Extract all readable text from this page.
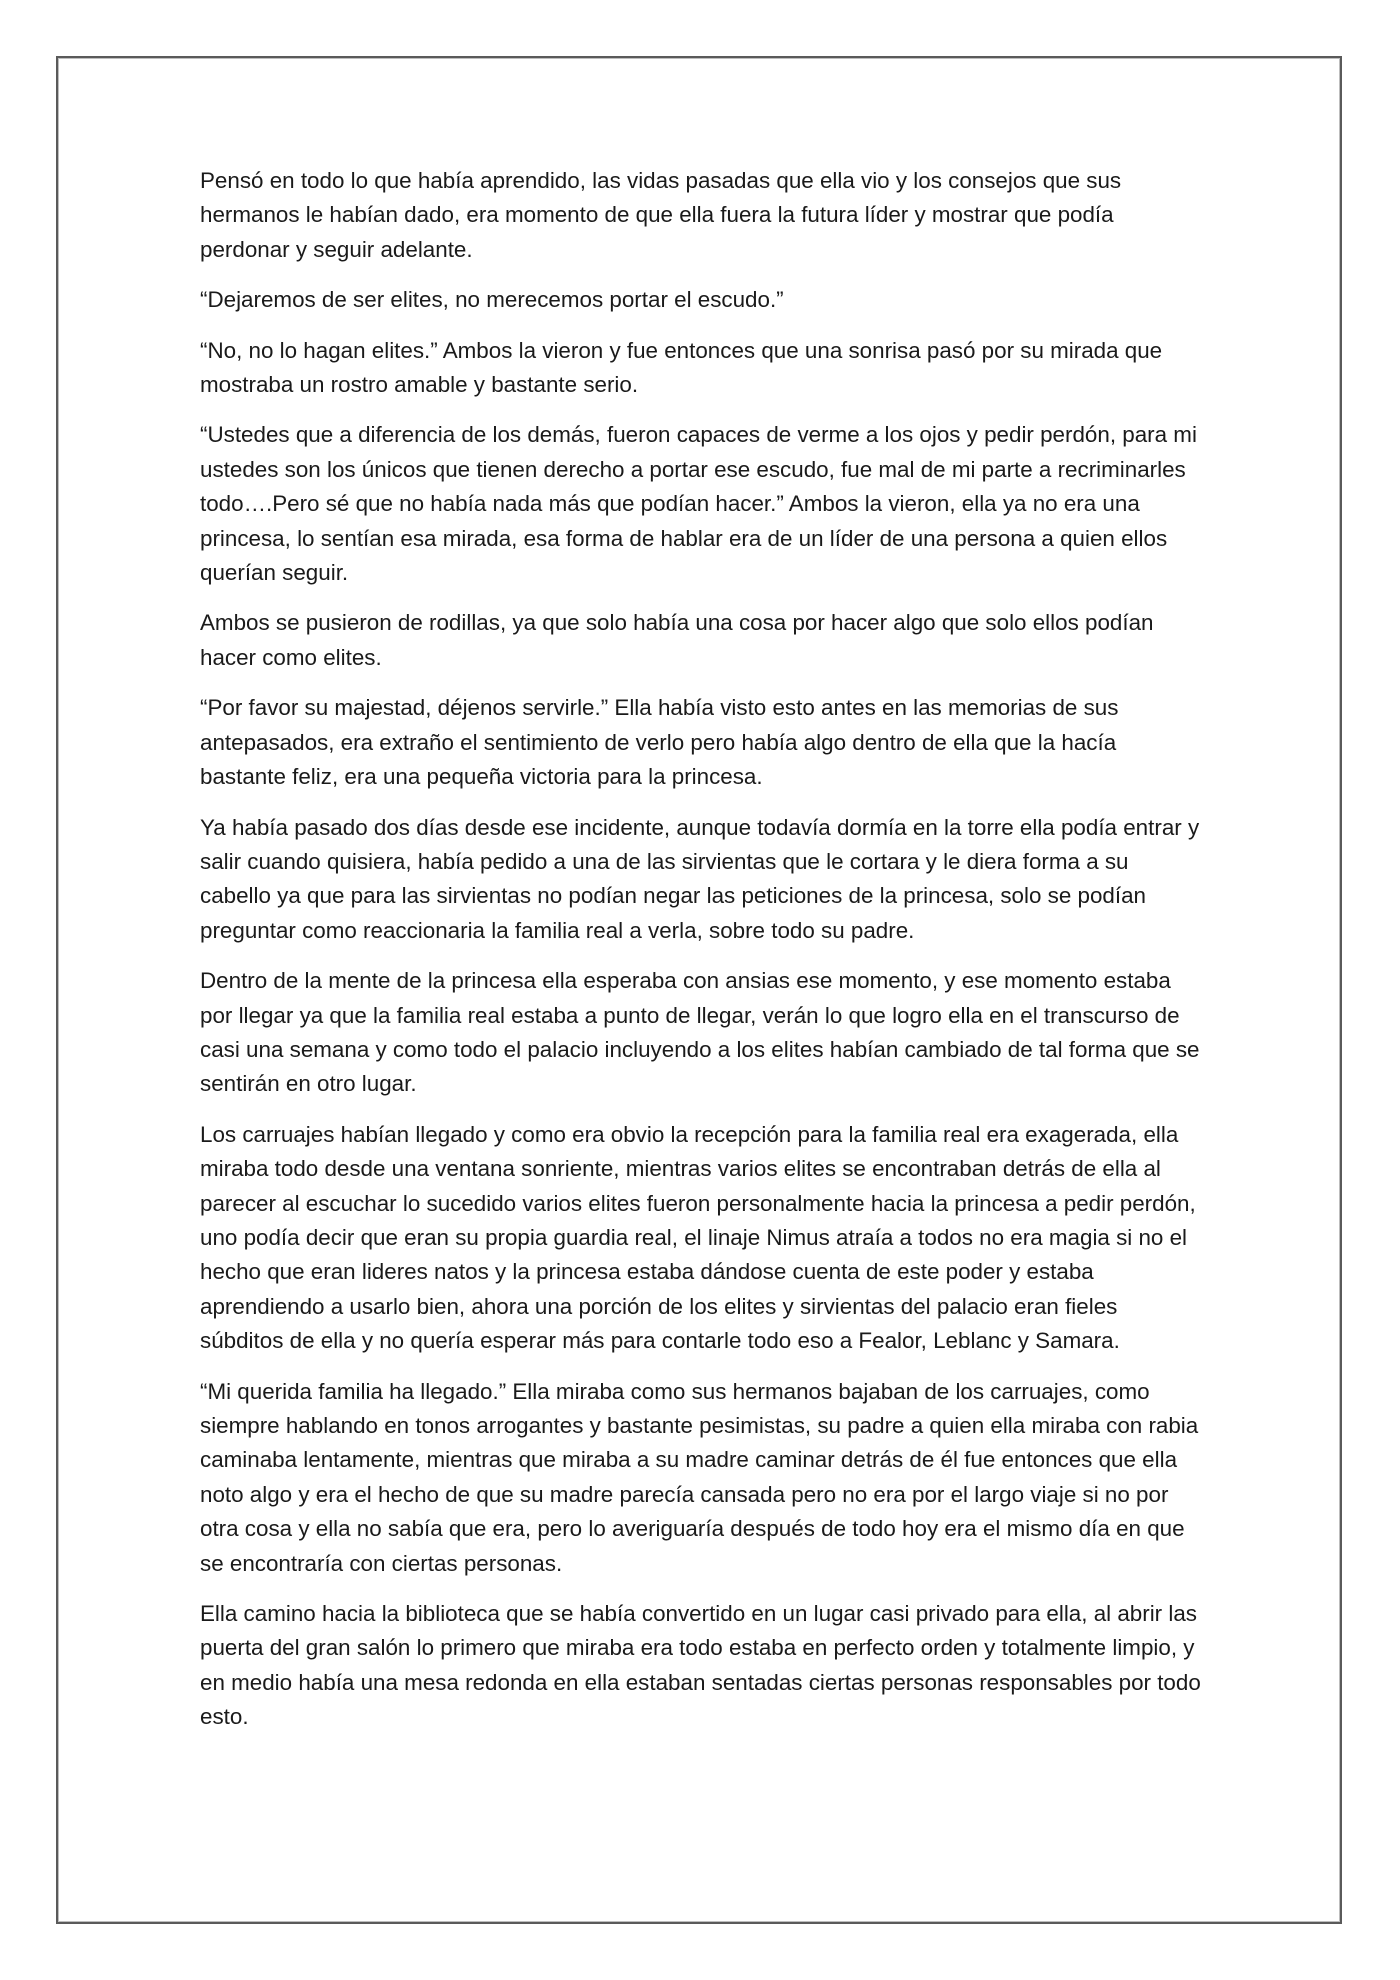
Pensó en todo lo que había aprendido, las vidas pasadas que ella vio y los consejos que sus hermanos le habían dado, era momento de que ella fuera la futura líder y mostrar que podía perdonar y seguir adelante.

“Dejaremos de ser elites, no merecemos portar el escudo.”

“No, no lo hagan elites.” Ambos la vieron y fue entonces que una sonrisa pasó por su mirada que mostraba un rostro amable y bastante serio.

“Ustedes que a diferencia de los demás, fueron capaces de verme a los ojos y pedir perdón, para mi ustedes son los únicos que tienen derecho a portar ese escudo, fue mal de mi parte a recriminarles todo….Pero sé que no había nada más que podían hacer.” Ambos la vieron, ella ya no era una princesa, lo sentían esa mirada, esa forma de hablar era de un líder de una persona a quien ellos querían seguir.

Ambos se pusieron de rodillas, ya que solo había una cosa por hacer algo que solo ellos podían hacer como elites.

“Por favor su majestad, déjenos servirle.” Ella había visto esto antes en las memorias de sus antepasados, era extraño el sentimiento de verlo pero había algo dentro de ella que la hacía bastante feliz, era una pequeña victoria para la princesa.

Ya había pasado dos días desde ese incidente, aunque todavía dormía en la torre ella podía entrar y salir cuando quisiera, había pedido a una de las sirvientas que le cortara y le diera forma a su cabello ya que para las sirvientas no podían negar las peticiones de la princesa, solo se podían preguntar como reaccionaria la familia real a verla, sobre todo su padre.

Dentro de la mente de la princesa ella esperaba con ansias ese momento, y ese momento estaba por llegar ya que la familia real estaba a punto de llegar, verán lo que logro ella en el transcurso de casi una semana y como todo el palacio incluyendo a los elites habían cambiado de tal forma que se sentirán en otro lugar.

Los carruajes habían llegado y como era obvio la recepción para la familia real era exagerada, ella miraba todo desde una ventana sonriente, mientras varios elites se encontraban detrás de ella al parecer al escuchar lo sucedido varios elites fueron personalmente hacia la princesa a pedir perdón, uno podía decir que eran su propia guardia real, el linaje Nimus atraía a todos no era magia si no el hecho que eran lideres natos y la princesa estaba dándose cuenta de este poder y estaba aprendiendo a usarlo bien, ahora una porción de los elites y sirvientas del palacio eran fieles súbditos de ella y no quería esperar más para contarle todo eso a Fealor, Leblanc y Samara.

“Mi querida familia ha llegado.” Ella miraba como sus hermanos bajaban de los carruajes, como siempre hablando en tonos arrogantes y bastante pesimistas, su padre a quien ella miraba con rabia caminaba lentamente, mientras que miraba a su madre caminar detrás de él fue entonces que ella noto algo y era el hecho de que su madre parecía cansada pero no era por el largo viaje si no por otra cosa y ella no sabía que era, pero lo averiguaría después de todo hoy era el mismo día en que se encontraría con ciertas personas.

Ella camino hacia la biblioteca que se había convertido en un lugar casi privado para ella, al abrir las puerta del gran salón lo primero que miraba era todo estaba en perfecto orden y totalmente limpio, y en medio había una mesa redonda en ella estaban sentadas ciertas personas responsables por todo esto.
